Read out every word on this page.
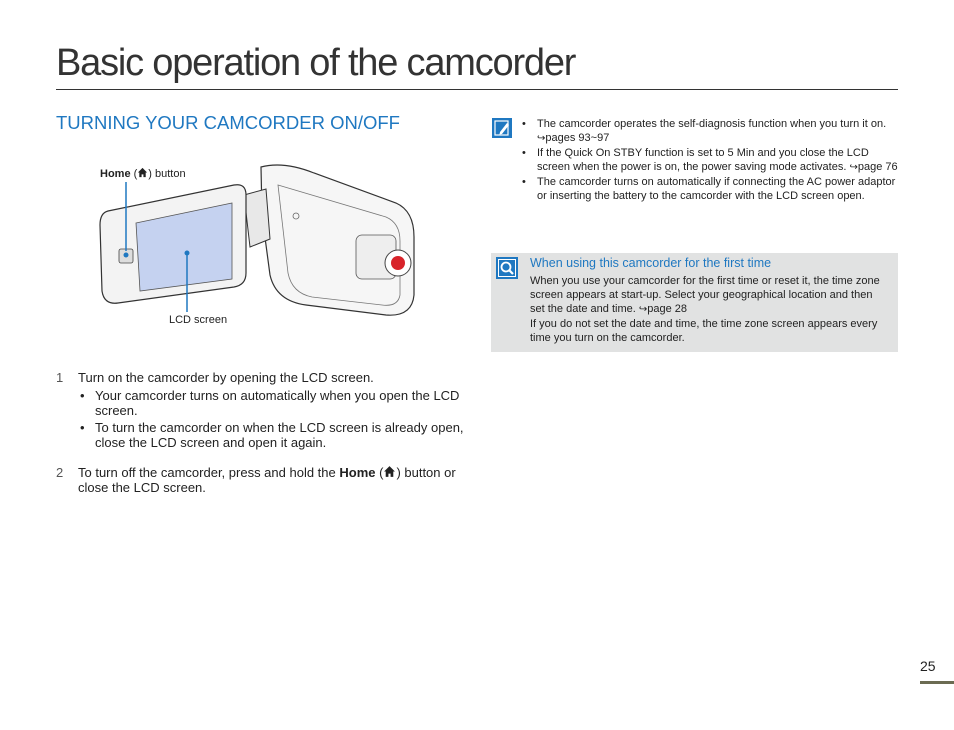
Basic operation of the camcorder
TURNING YOUR CAMCORDER ON/OFF
Home ( ) button
LCD screen
1 Turn on the camcorder by opening the LCD screen.
• Your camcorder turns on automatically when you open the LCD screen.
• To turn the camcorder on when the LCD screen is already open, close the LCD screen and open it again.
2 To turn off the camcorder, press and hold the Home ( ) button or close the LCD screen.
• The camcorder operates the self-diagnosis function when you turn it on. ↪pages 93~97
• If the Quick On STBY function is set to 5 Min and you close the LCD screen when the power is on, the power saving mode activates. ↪page 76
• The camcorder turns on automatically if connecting the AC power adaptor or inserting the battery to the camcorder with the LCD screen open.
When using this camcorder for the first time
When you use your camcorder for the first time or reset it, the time zone screen appears at start-up. Select your geographical location and then set the date and time. ↪page 28
If you do not set the date and time, the time zone screen appears every time you turn on the camcorder.
25
